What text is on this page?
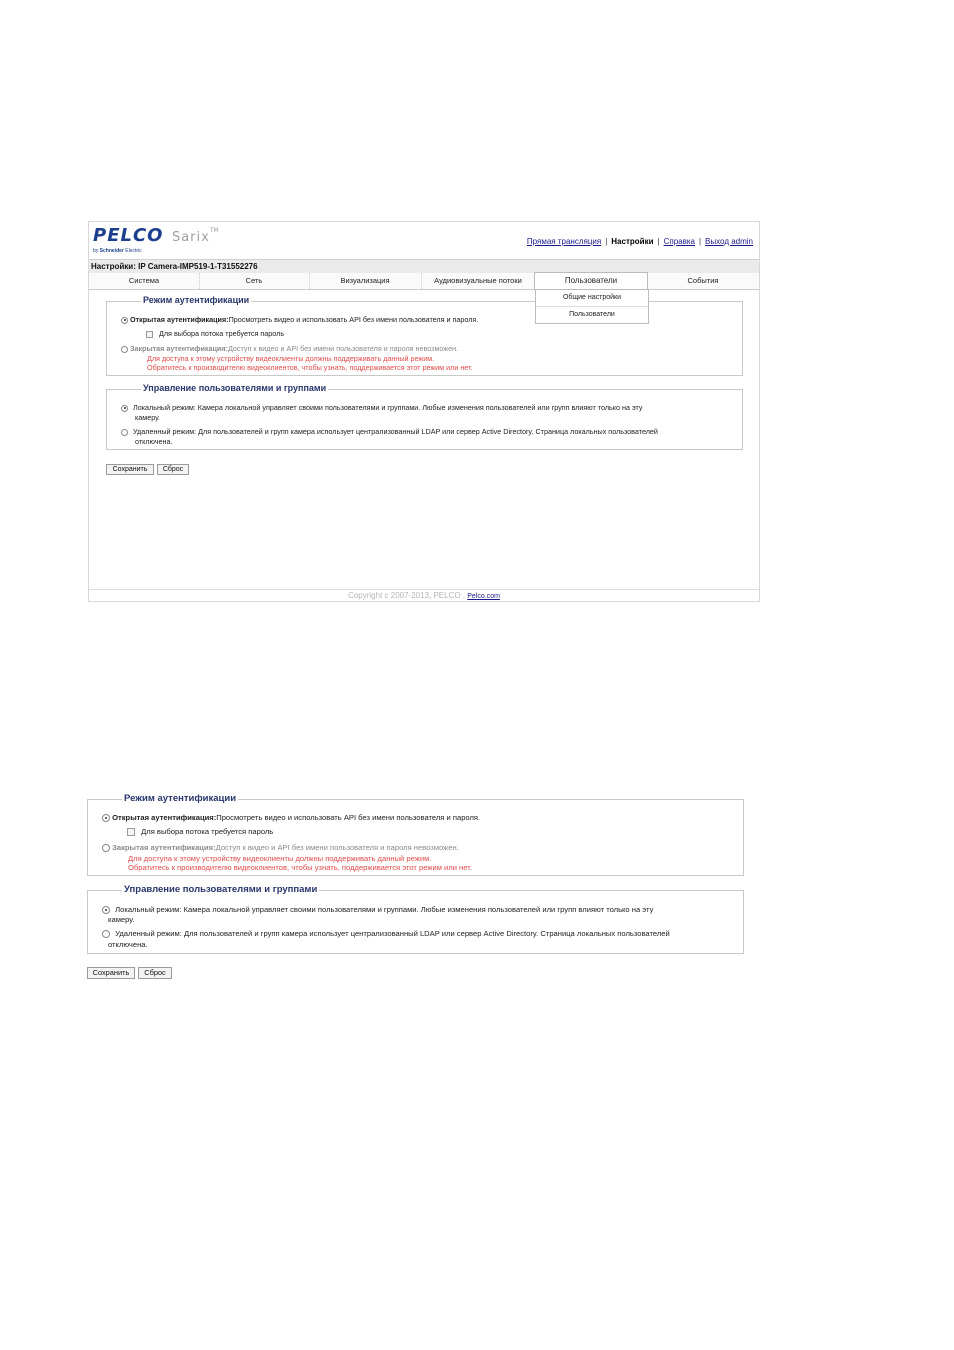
PELCO Sarix™
by Schneider Electric
Прямая трансляция | Настройки | Справка | Выход admin
Настройки: IP Camera-IMP519-1-T31552276
Система	Сеть	Визуализация	Аудиовизуальные потоки	Пользователи	События
Общие настройки
Пользователи
Режим аутентификации
Открытая аутентификация:Просмотреть видео и использовать API без имени пользователя и пароля.
Для выбора потока требуется пароль
Закрытая аутентификация:Доступ к видео и API без имени пользователя и пароля невозможен.
Для доступа к этому устройству видеоклиенты должны поддерживать данный режим.
Обратитесь к производителю видеоклиентов, чтобы узнать, поддерживается этот режим или нет.
Управление пользователями и группами
Локальный режим: Камера локальной управляет своими пользователями и группами. Любые изменения пользователей или групп влияют только на эту
камеру.
Удаленный режим: Для пользователей и групп камера использует централизованный LDAP или сервер Active Directory. Страница локальных пользователей
отключена.
Сохранить	Сброс
Copyright c 2007-2013, PELCO , Pelco.com
Режим аутентификации
Открытая аутентификация:Просмотреть видео и использовать API без имени пользователя и пароля.
Для выбора потока требуется пароль
Закрытая аутентификация:Доступ к видео и API без имени пользователя и пароля невозможен.
Для доступа к этому устройству видеоклиенты должны поддерживать данный режим.
Обратитесь к производителю видеоклиентов, чтобы узнать, поддерживается этот режим или нет.
Управление пользователями и группами
Локальный режим: Камера локальной управляет своими пользователями и группами. Любые изменения пользователей или групп влияют только на эту
камеру.
Удаленный режим: Для пользователей и групп камера использует централизованный LDAP или сервер Active Directory. Страница локальных пользователей
отключена.
Сохранить	Сброс
